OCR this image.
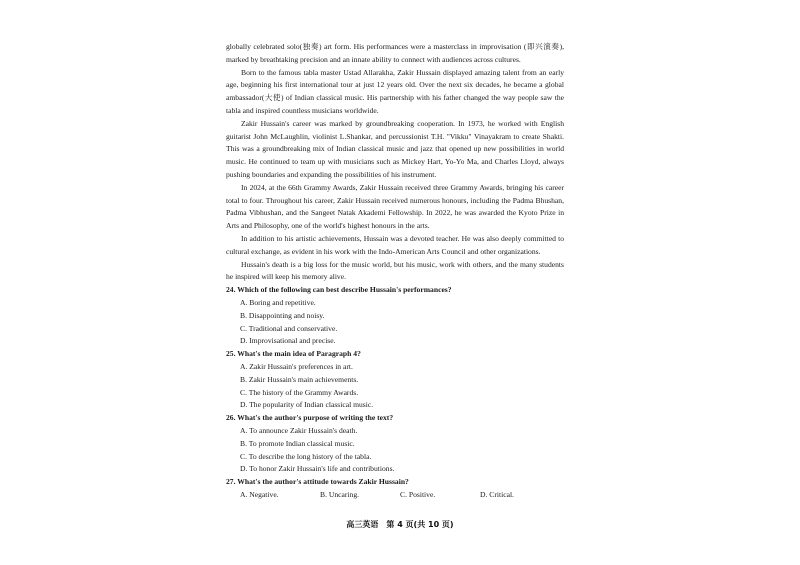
globally celebrated solo(独奏) art form. His performances were a masterclass in improvisation (即兴演奏), marked by breathtaking precision and an innate ability to connect with audiences across cultures.

Born to the famous tabla master Ustad Allarakha, Zakir Hussain displayed amazing talent from an early age, beginning his first international tour at just 12 years old. Over the next six decades, he became a global ambassador(大使) of Indian classical music. His partnership with his father changed the way people saw the tabla and inspired countless musicians worldwide.

Zakir Hussain's career was marked by groundbreaking cooperation. In 1973, he worked with English guitarist John McLaughlin, violinist L.Shankar, and percussionist T.H. "Vikku" Vinayakram to create Shakti. This was a groundbreaking mix of Indian classical music and jazz that opened up new possibilities in world music. He continued to team up with musicians such as Mickey Hart, Yo-Yo Ma, and Charles Lloyd, always pushing boundaries and expanding the possibilities of his instrument.

In 2024, at the 66th Grammy Awards, Zakir Hussain received three Grammy Awards, bringing his career total to four. Throughout his career, Zakir Hussain received numerous honours, including the Padma Bhushan, Padma Vibhushan, and the Sangeet Natak Akademi Fellowship. In 2022, he was awarded the Kyoto Prize in Arts and Philosophy, one of the world's highest honours in the arts.

In addition to his artistic achievements, Hussain was a devoted teacher. He was also deeply committed to cultural exchange, as evident in his work with the Indo-American Arts Council and other organizations.

Hussain's death is a big loss for the music world, but his music, work with others, and the many students he inspired will keep his memory alive.

24. Which of the following can best describe Hussain's performances?

A. Boring and repetitive.

B. Disappointing and noisy.

C. Traditional and conservative.

D. Improvisational and precise.

25. What's the main idea of Paragraph 4?

A. Zakir Hussain's preferences in art.

B. Zakir Hussain's main achievements.

C. The history of the Grammy Awards.

D. The popularity of Indian classical music.

26. What's the author's purpose of writing the text?

A. To announce Zakir Hussain's death.

B. To promote Indian classical music.

C. To describe the long history of the tabla.

D. To honor Zakir Hussain's life and contributions.

27. What's the author's attitude towards Zakir Hussain?

A. Negative.	B. Uncaring.	C. Positive.	D. Critical.
高三英语　第 4 页(共 10 页)
